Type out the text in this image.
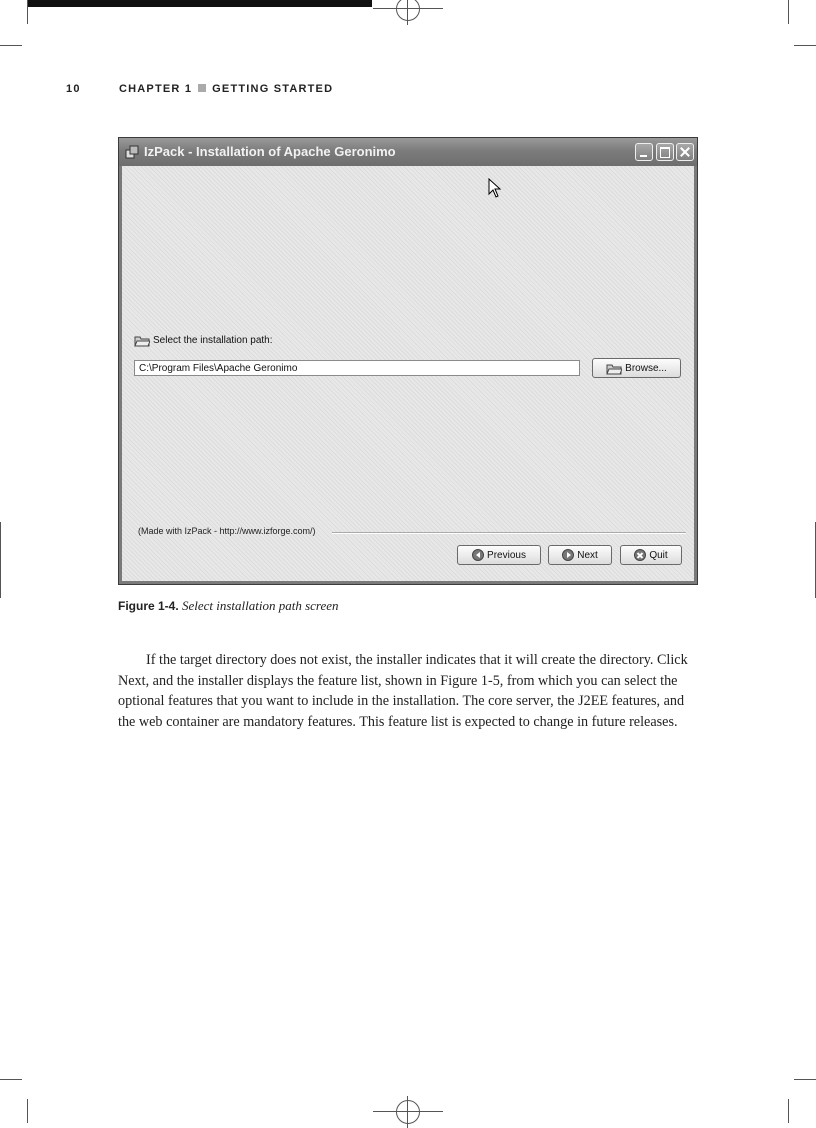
10	CHAPTER 1 GETTING STARTED
IzPack - Installation of Apache Geronimo
Select the installation path:
C:\Program Files\Apache Geronimo	Browse...
(Made with IzPack - http://www.izforge.com/)
Previous	Next	Quit
Figure 1-4. Select installation path screen

If the target directory does not exist, the installer indicates that it will create the directory. Click Next, and the installer displays the feature list, shown in Figure 1-5, from which you can select the optional features that you want to include in the installation. The core server, the J2EE features, and the web container are mandatory features. This feature list is expected to change in future releases.
